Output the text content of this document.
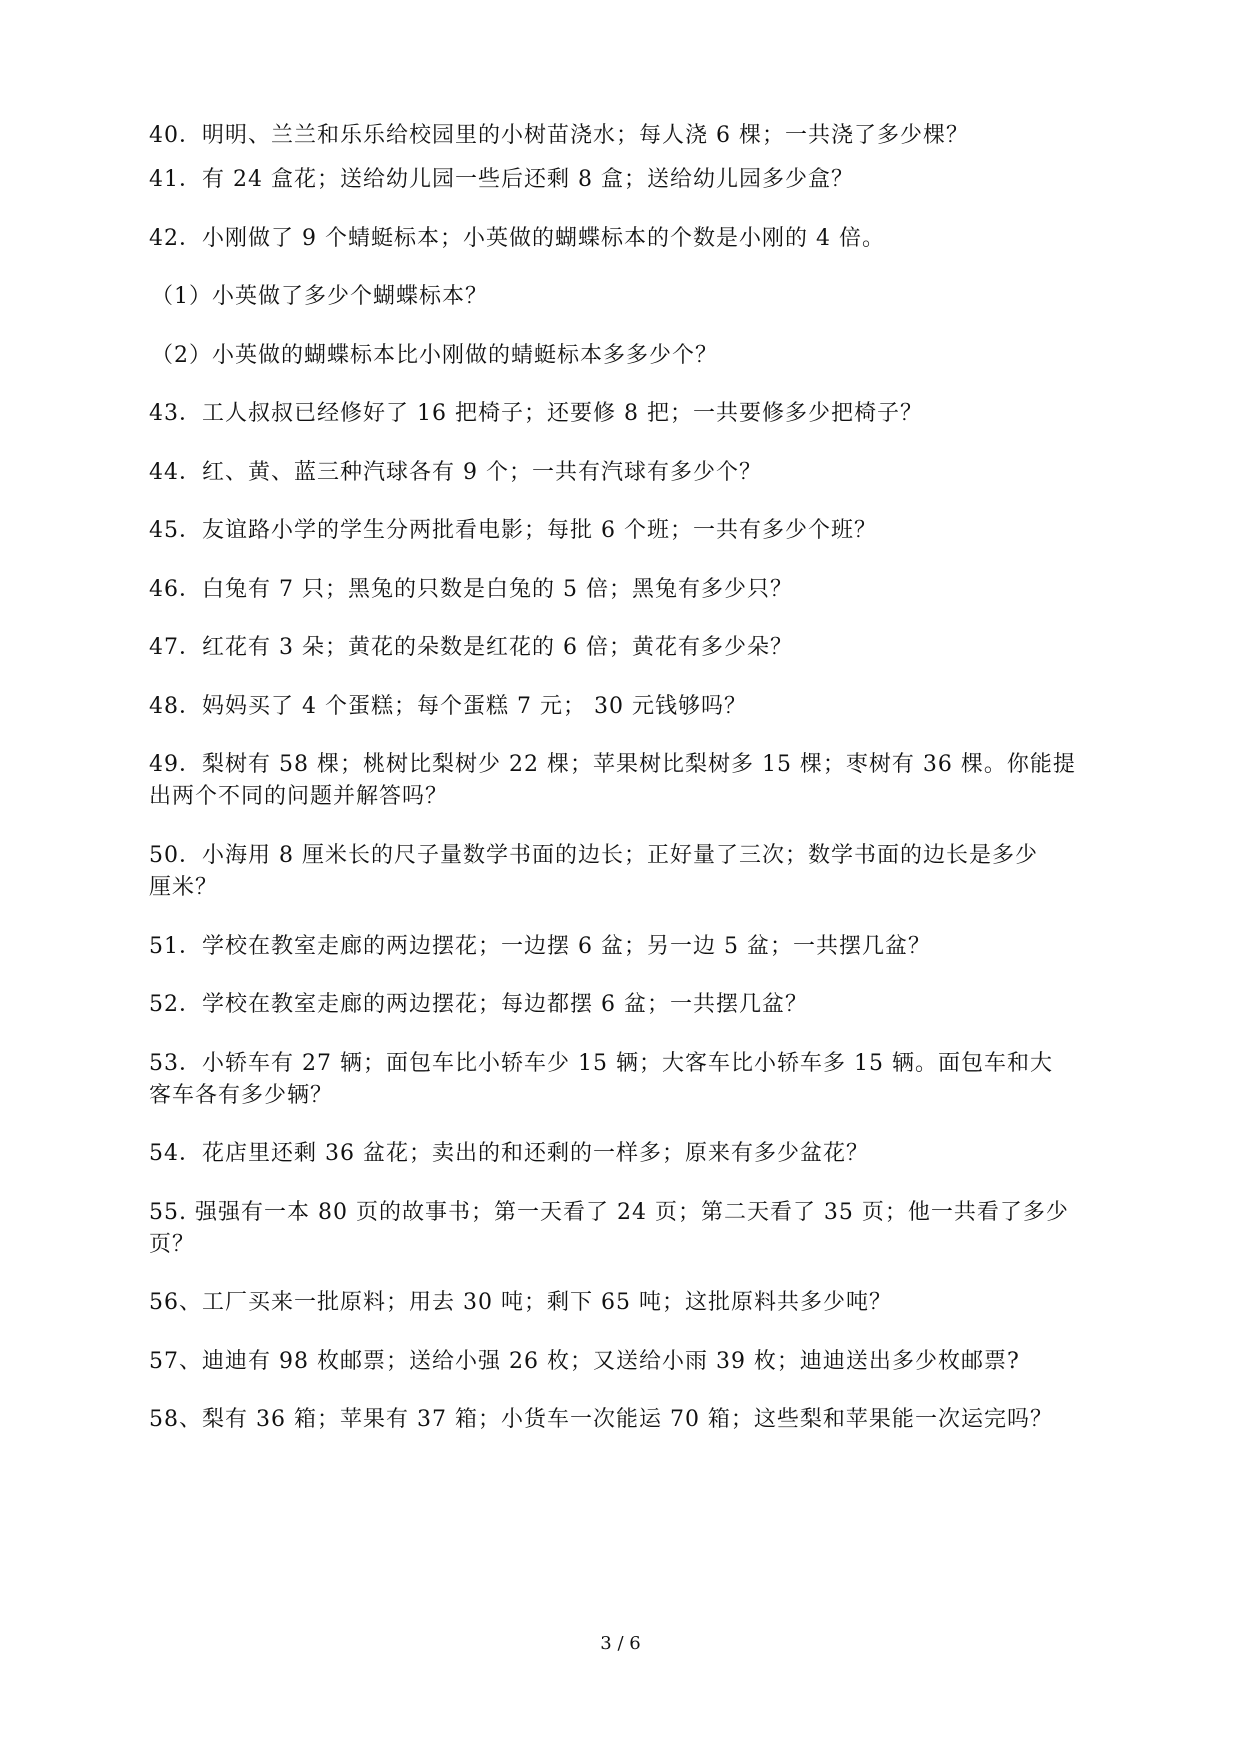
40．明明、兰兰和乐乐给校园里的小树苗浇水；每人浇 6 棵；一共浇了多少棵？
41．有 24 盒花；送给幼儿园一些后还剩 8 盒；送给幼儿园多少盒？
42．小刚做了 9 个蜻蜓标本；小英做的蝴蝶标本的个数是小刚的 4 倍。
（1）小英做了多少个蝴蝶标本？
（2）小英做的蝴蝶标本比小刚做的蜻蜓标本多多少个？
43．工人叔叔已经修好了 16 把椅子；还要修 8 把；一共要修多少把椅子？
44．红、黄、蓝三种汽球各有 9 个；一共有汽球有多少个？
45．友谊路小学的学生分两批看电影；每批 6 个班；一共有多少个班？
46．白兔有 7 只；黑兔的只数是白兔的 5 倍；黑兔有多少只？
47．红花有 3 朵；黄花的朵数是红花的 6 倍；黄花有多少朵？
48．妈妈买了 4 个蛋糕；每个蛋糕 7 元； 30 元钱够吗？
49．梨树有 58 棵；桃树比梨树少 22 棵；苹果树比梨树多 15 棵；枣树有 36 棵。你能提
出两个不同的问题并解答吗？
50．小海用 8 厘米长的尺子量数学书面的边长；正好量了三次；数学书面的边长是多少
厘米？
51．学校在教室走廊的两边摆花；一边摆 6 盆；另一边 5 盆；一共摆几盆？
52．学校在教室走廊的两边摆花；每边都摆 6 盆；一共摆几盆？
53．小轿车有 27 辆；面包车比小轿车少 15 辆；大客车比小轿车多 15 辆。面包车和大
客车各有多少辆？
54．花店里还剩 36 盆花；卖出的和还剩的一样多；原来有多少盆花？
55. 强强有一本 80 页的故事书；第一天看了 24 页；第二天看了 35 页；他一共看了多少
页？
56、工厂买来一批原料；用去 30 吨；剩下 65 吨；这批原料共多少吨？
57、迪迪有 98 枚邮票；送给小强 26 枚；又送给小雨 39 枚；迪迪送出多少枚邮票?
58、梨有 36 箱；苹果有 37 箱；小货车一次能运 70 箱；这些梨和苹果能一次运完吗？
3 / 6
